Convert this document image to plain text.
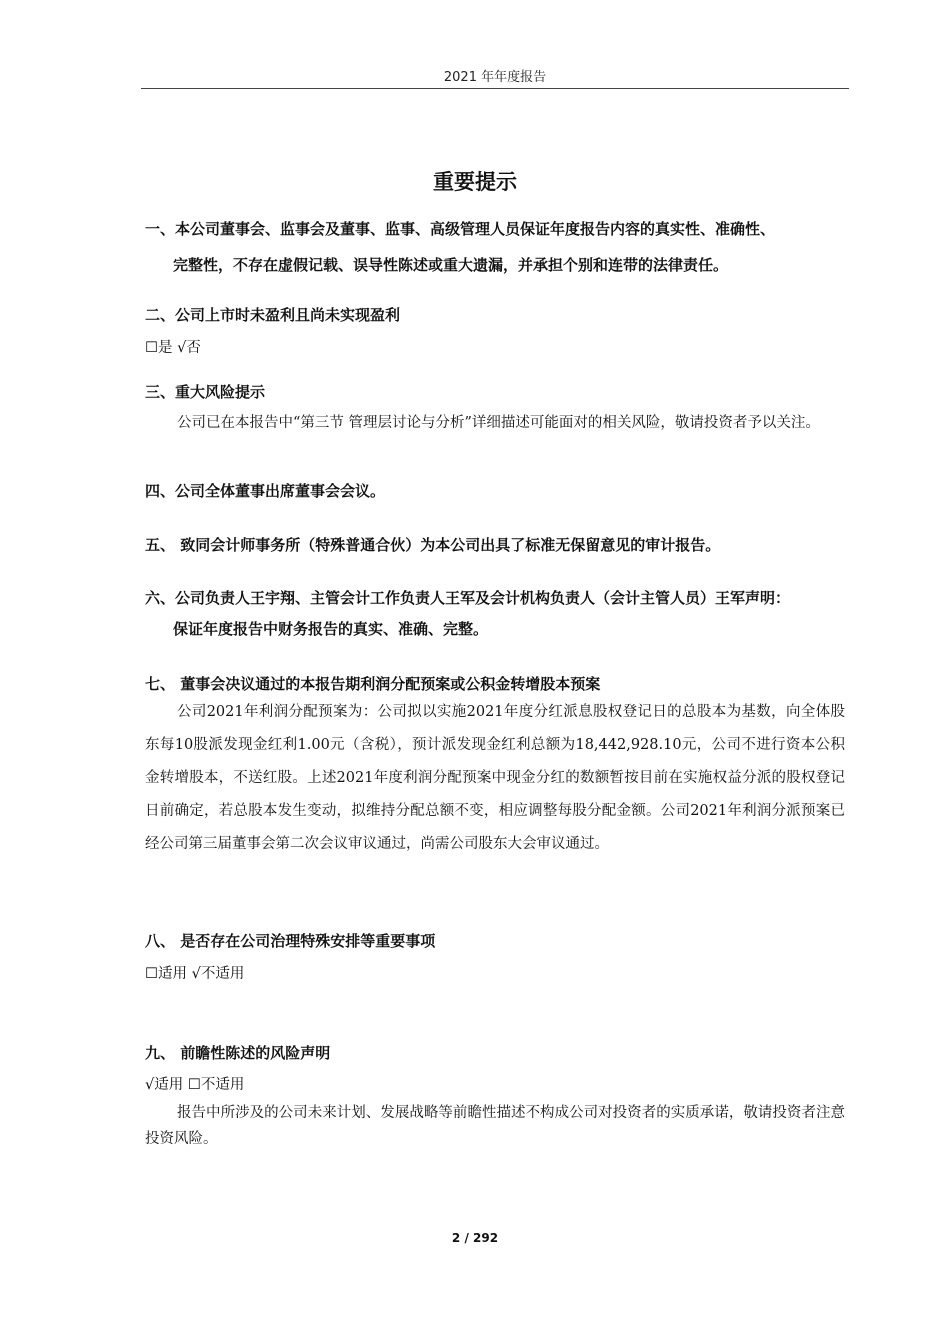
2021 年年度报告
重要提示
一、本公司董事会、监事会及董事、监事、高级管理人员保证年度报告内容的真实性、准确性、
完整性，不存在虚假记载、误导性陈述或重大遗漏，并承担个别和连带的法律责任。
二、公司上市时未盈利且尚未实现盈利
☐是 √否
三、重大风险提示
公司已在本报告中“第三节 管理层讨论与分析”详细描述可能面对的相关风险，敬请投资者予以关注。
四、公司全体董事出席董事会会议。
五、 致同会计师事务所（特殊普通合伙）为本公司出具了标准无保留意见的审计报告。
六、公司负责人王宇翔、主管会计工作负责人王军及会计机构负责人（会计主管人员）王军声明：
保证年度报告中财务报告的真实、准确、完整。
七、 董事会决议通过的本报告期利润分配预案或公积金转增股本预案
公司2021年利润分配预案为：公司拟以实施2021年度分红派息股权登记日的总股本为基数，向全体股东每10股派发现金红利1.00元（含税），预计派发现金红利总额为18,442,928.10元，公司不进行资本公积金转增股本，不送红股。上述2021年度利润分配预案中现金分红的数额暂按目前在实施权益分派的股权登记日前确定，若总股本发生变动，拟维持分配总额不变，相应调整每股分配金额。公司2021年利润分派预案已经公司第三届董事会第二次会议审议通过，尚需公司股东大会审议通过。
八、 是否存在公司治理特殊安排等重要事项
☐适用 √不适用
九、 前瞻性陈述的风险声明
√适用 ☐不适用
报告中所涉及的公司未来计划、发展战略等前瞻性描述不构成公司对投资者的实质承诺，敬请投资者注意投资风险。
2 / 292
